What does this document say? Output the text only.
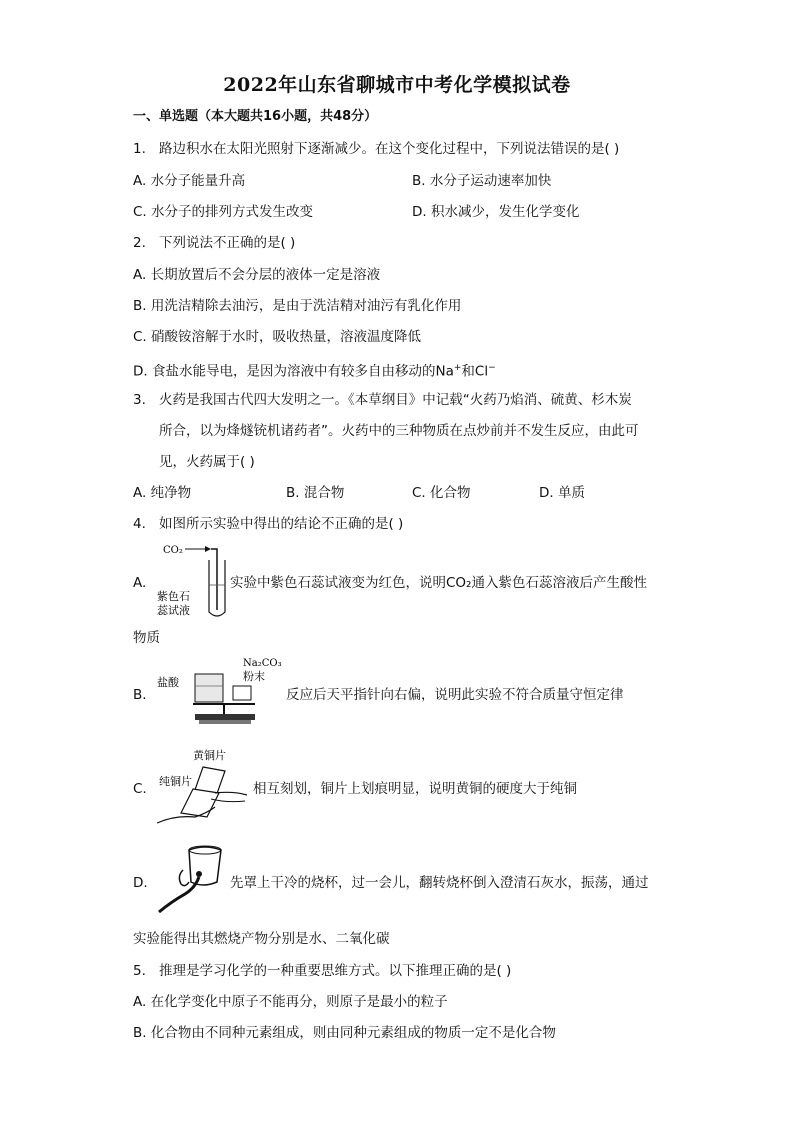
2022年山东省聊城市中考化学模拟试卷
一、单选题（本大题共16小题，共48分）
1. 路边积水在太阳光照射下逐渐减少。在这个变化过程中，下列说法错误的是( )
A. 水分子能量升高	B. 水分子运动速率加快
C. 水分子的排列方式发生改变	D. 积水减少，发生化学变化
2. 下列说法不正确的是( )
A. 长期放置后不会分层的液体一定是溶液
B. 用洗洁精除去油污，是由于洗洁精对油污有乳化作用
C. 硝酸铵溶解于水时，吸收热量，溶液温度降低
D. 食盐水能导电，是因为溶液中有较多自由移动的Na+和Cl−
3. 火药是我国古代四大发明之一。《本草纲目》中记载“火药乃焰消、硫黄、杉木炭
所合，以为烽燧铳机诸药者”。火药中的三种物质在点炒前并不发生反应，由此可
见，火药属于( )
A. 纯净物	B. 混合物	C. 化合物	D. 单质
4. 如图所示实验中得出的结论不正确的是( )
A.
CO₂
紫色石
蕊试液
实验中紫色石蕊试液变为红色，说明CO₂通入紫色石蕊溶液后产生酸性
物质
B.
盐酸
Na₂CO₃
粉末
反应后天平指针向右偏，说明此实验不符合质量守恒定律
C.
黄铜片
纯铜片	相互刻划，铜片上划痕明显，说明黄铜的硬度大于纯铜
D.	先罩上干冷的烧杯，过一会儿，翻转烧杯倒入澄清石灰水，振荡，通过
实验能得出其燃烧产物分别是水、二氧化碳
5. 推理是学习化学的一种重要思维方式。以下推理正确的是( )
A. 在化学变化中原子不能再分，则原子是最小的粒子
B. 化合物由不同种元素组成，则由同种元素组成的物质一定不是化合物
